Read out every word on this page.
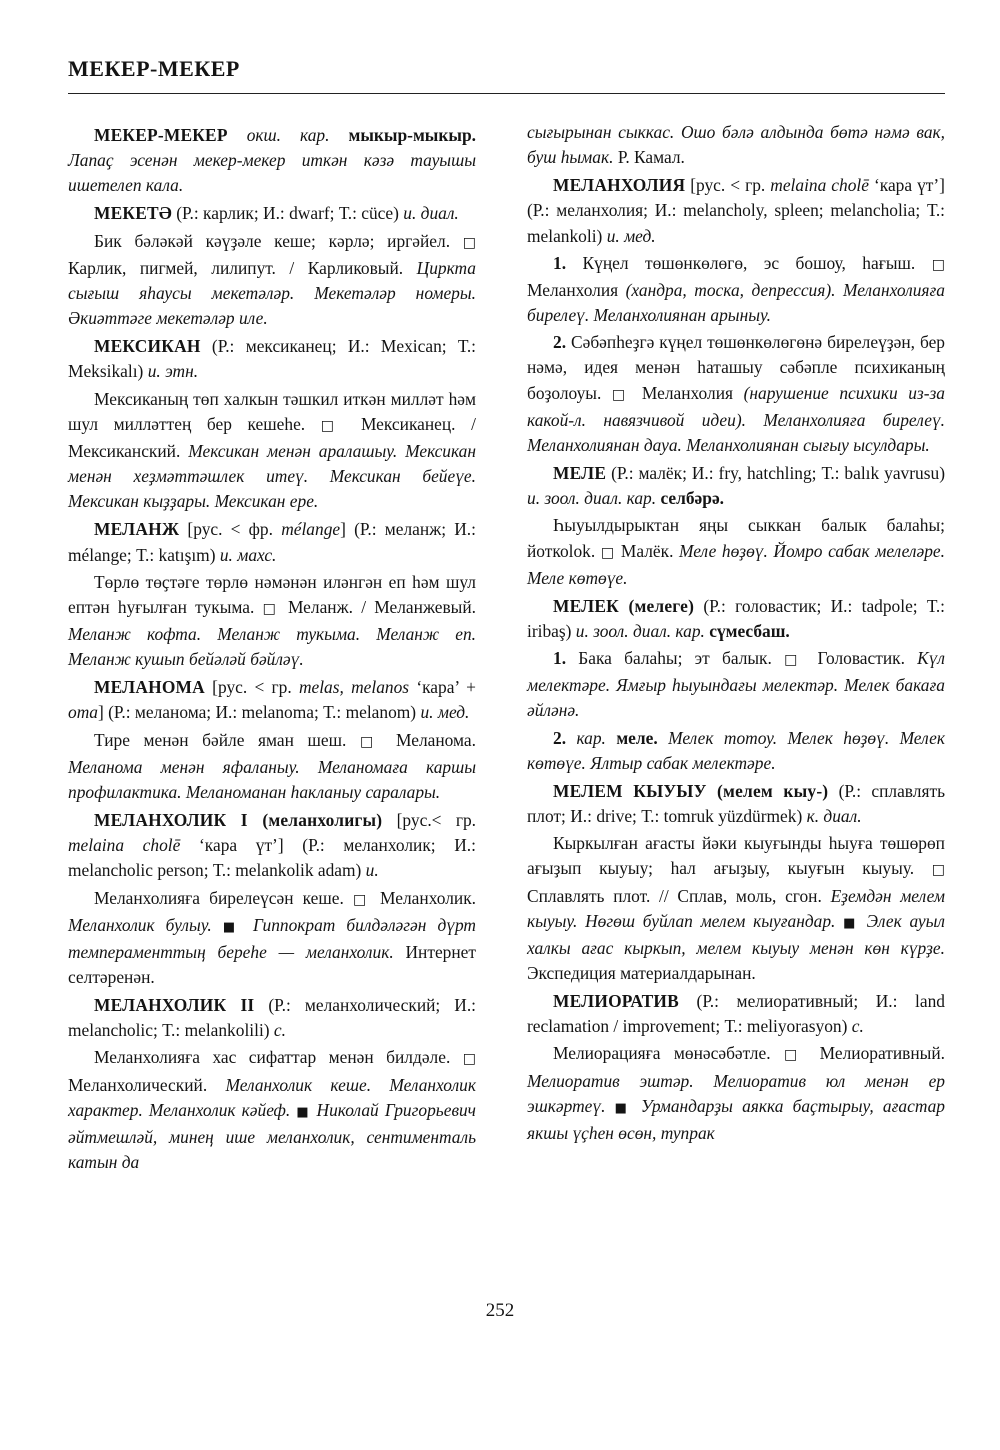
МЕКЕР-МЕКЕР

МЕКЕР-МЕКЕР окш. кар. мыкыр-мыкыр. Лапаҫ эсенән мекер-мекер иткән кәзә тауышы ишетелеп кала.

МЕКЕТӘ (Р.: карлик; И.: dwarf; Т.: cüce) и. диал.

Бик бәләкәй кәүҙәле кеше; кәрлә; иргәйел. □ Карлик, пигмей, лилипут. / Карликовый. Циркта сығыш яһаусы мекетәләр. Мекетәләр номеры. Әкиәттәге мекетәләр иле.

МЕКСИКАН (Р.: мексиканец; И.: Mexican; Т.: Meksikalı) и. этн.

Мексиканың төп халкын тәшкил иткән милләт һәм шул милләттең бер кешеһе. □ Мексиканец. / Мексиканский. Мексикан менән аралашыу. Мексикан менән хеҙмәттәшлек итеү. Мексикан бейеүе. Мексикан кыҙҙары. Мексикан ере.

МЕЛАНЖ [рус. < фр. mélange] (Р.: меланж; И.: mélange; Т.: katışım) и. махс.

Төрлө төҫтәге төрлө нәмәнән иләнгән еп һәм шул ептән һуғылған тукыма. □ Меланж. / Меланжевый. Меланж кофта. Меланж тукыма. Меланж еп. Меланж кушып бейәләй бәйләү.

МЕЛАНОМА [рус. < гр. melas, melanos ‘кара’ + oma] (Р.: меланома; И.: melanoma; Т.: melanom) и. мед.

Тире менән бәйле яман шеш. □ Меланома. Меланома менән яфаланыу. Меланомаға каршы профилактика. Меланоманан һакланыу саралары.

МЕЛАНХОЛИК I (меланхолигы) [рус.< гр. melaina cholē ‘кара үт’] (Р.: меланхолик; И.: melancholic person; Т.: melankolik adam) и.

Меланхолияға бирелеүсән кеше. □ Меланхолик. Меланхолик булыу. ■ Гиппократ билдәләгән дүрт темпераменттың береһе — меланхолик. Интернет селтәренән.

МЕЛАНХОЛИК II (Р.: меланхолический; И.: melancholic; Т.: melankolili) с.

Меланхолияға хас сифаттар менән билдәле. □ Меланхолический. Меланхолик кеше. Меланхолик характер. Меланхолик кәйеф. ■ Николай Григорьевич әйтмешләй, минең ише меланхолик, сентименталь катын да

сығырынан сыккас. Ошо бәлә алдында бөтә нәмә вак, буш һымак. Р. Камал.

МЕЛАНХОЛИЯ [рус. < гр. melaina cholē ‘кара үт’] (Р.: меланхолия; И.: melancholy, spleen; melancholia; Т.: melankoli) и. мед.

1. Күңел төшөнкөлөгө, эс бошоу, һағыш. □ Меланхолия (хандра, тоска, депрессия). Меланхолияға бирелеү. Меланхолиянан арыныу.

2. Сәбәпһеҙгә күңел төшөнкөлөгөнә бирелеүҙән, бер нәмә, идея менән һаташыу сәбәпле психиканың боҙолоуы. □ Меланхолия (нарушение психики из-за какой-л. навязчивой идеи). Меланхолияға бирелеү. Меланхолиянан дауа. Меланхолиянан сығыу ысулдары.

МЕЛЕ (Р.: малёк; И.: fry, hatchling; Т.: balık yavrusu) и. зоол. диал. кар. селбәрә.

Һыуылдырыктан яңы сыккан балык балаһы; йоткоlok. □ Малёк. Меле һөҙөү. Йомро сабак мелеләре. Меле көтөүе.

МЕЛЕК (мелеге) (Р.: головастик; И.: tadpole; Т.: iribaş) и. зоол. диал. кар. сүмесбаш.

1. Бака балаһы; эт балык. □ Головастик. Күл мелектәре. Ямғыр һыуындағы мелектәр. Мелек бакаға әйләнә.

2. кар. меле. Мелек тотоу. Мелек һөҙөү. Мелек көтөүе. Ялтыр сабак мелектәре.

МЕЛЕМ КЫУЫУ (мелем кыу-) (Р.: сплавлять плот; И.: drive; Т.: tomruk yüzdürmek) к. диал.

Кыркылған ағасты йәки кыуғынды һыуға төшөрөп ағыҙып кыуыу; һал ағыҙыу, кыуғын кыуыу. □ Сплавлять плот. // Сплав, моль, сгон. Еҙемдән мелем кыуыу. Нөгөш буйлап мелем кыуғандар. ■ Элек ауыл халкы ағас кыркып, мелем кыуыу менән көн күрҙе. Экспедиция материалдарынан.

МЕЛИОРАТИВ (Р.: мелиоративный; И.: land reclamation / improvement; Т.: meliyorasyon) с.

Мелиорацияға мөнәсәбәтле. □ Мелиоративный. Мелиоратив эштәр. Мелиоратив юл менән ер эшкәртеү. ■ Урмандарҙы аякка баҫтырыу, ағастар якшы үҫһен өсөн, тупрак

252
